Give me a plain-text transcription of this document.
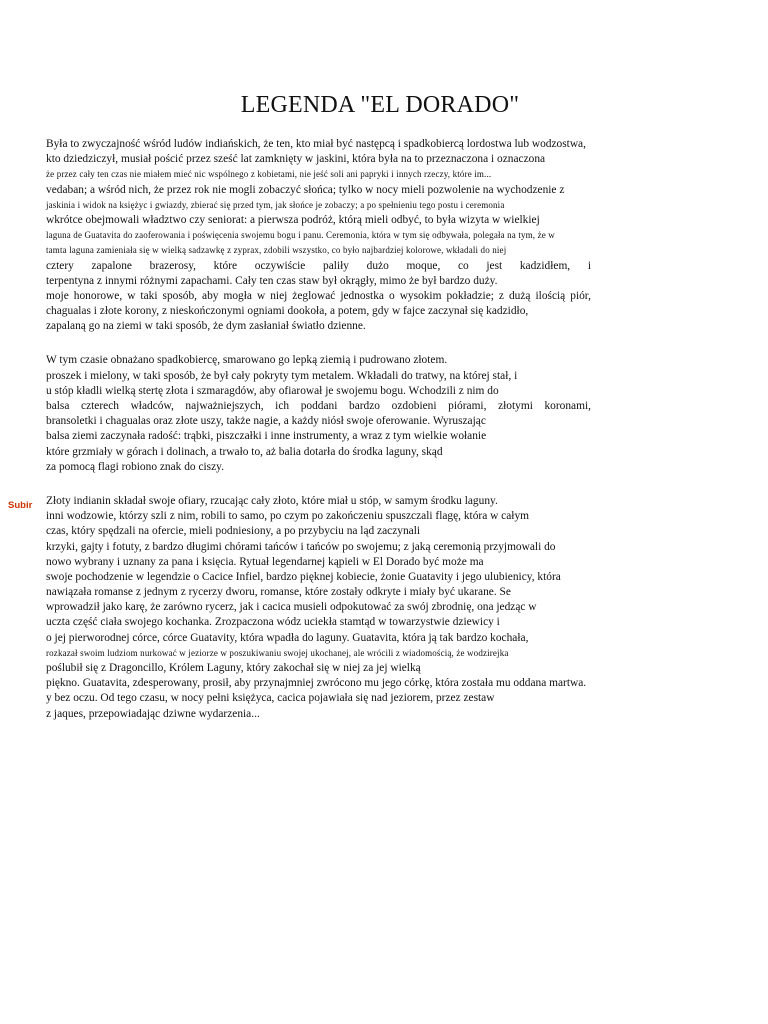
LEGENDA "EL DORADO"
Subir
Była to zwyczajność wśród ludów indiańskich, że ten, kto miał być następcą i spadkobiercą lordostwa lub wodzostwa,
kto dziedziczył, musiał pościć przez sześć lat zamknięty w jaskini, która była na to przeznaczona i oznaczona
że przez cały ten czas nie miałem mieć nic wspólnego z kobietami, nie jeść soli ani papryki i innych rzeczy, które im...
vedaban; a wśród nich, że przez rok nie mogli zobaczyć słońca; tylko w nocy mieli pozwolenie na wychodzenie z
jaskinia i widok na księżyc i gwiazdy, zbierać się przed tym, jak słońce je zobaczy; a po spełnieniu tego postu i ceremonia
wkrótce obejmowali władztwo czy seniorat: a pierwsza podróż, którą mieli odbyć, to była wizyta w wielkiej
laguna de Guatavita do zaoferowania i poświęcenia swojemu bogu i panu. Ceremonia, która w tym się odbywała, polegała na tym, że w
tamta laguna zamieniała się w wielką sadzawkę z zyprax, zdobili wszystko, co było najbardziej kolorowe, wkładali do niej
cztery zapalone brazerosy, które oczywiście paliły dużo moque, co jest kadzidłem, i
terpentyna z innymi różnymi zapachami. Cały ten czas staw był okrągły, mimo że był bardzo duży.
moje honorowe, w taki sposób, aby mogła w niej żeglować jednostka o wysokim pokładzie; z dużą ilością piór,
chagualas i złote korony, z nieskończonymi ogniami dookoła, a potem, gdy w fajce zaczynał się kadzidło,
zapalaną go na ziemi w taki sposób, że dym zasłaniał światło dzienne.
W tym czasie obnażano spadkobiercę, smarowano go lepką ziemią i pudrowano złotem.
proszek i mielony, w taki sposób, że był cały pokryty tym metalem. Wkładali do tratwy, na której stał, i
u stóp kładli wielką stertę złota i szmaragdów, aby ofiarował je swojemu bogu. Wchodzili z nim do
balsa czterech władców, najważniejszych, ich poddani bardzo ozdobieni piórami, złotymi koronami,
bransoletki i chagualas oraz złote uszy, także nagie, a każdy niósł swoje oferowanie. Wyruszając
balsa ziemi zaczynała radość: trąbki, piszczałki i inne instrumenty, a wraz z tym wielkie wołanie
które grzmiały w górach i dolinach, a trwało to, aż balia dotarła do środka laguny, skąd
za pomocą flagi robiono znak do ciszy.
Złoty indianin składał swoje ofiary, rzucając cały złoto, które miał u stóp, w samym środku laguny.
inni wodzowie, którzy szli z nim, robili to samo, po czym po zakończeniu spuszczali flagę, która w całym
czas, który spędzali na ofercie, mieli podniesiony, a po przybyciu na ląd zaczynali
krzyki, gajty i fotuty, z bardzo długimi chórami tańców i tańców po swojemu; z jaką ceremonią przyjmowali do
nowo wybrany i uznany za pana i księcia. Rytuał legendarnej kąpieli w El Dorado być może ma
swoje pochodzenie w legendzie o Cacice Infiel, bardzo pięknej kobiecie, żonie Guatavity i jego ulubienicy, która
nawiązała romanse z jednym z rycerzy dworu, romanse, które zostały odkryte i miały być ukarane. Se
wprowadził jako karę, że zarówno rycerz, jak i cacica musieli odpokutować za swój zbrodnię, ona jedząc w
uczta część ciała swojego kochanka. Zrozpaczona wódz uciekła stamtąd w towarzystwie dziewicy i
o jej pierworodnej córce, córce Guatavity, która wpadła do laguny. Guatavita, która ją tak bardzo kochała,
rozkazał swoim ludziom nurkować w jeziorze w poszukiwaniu swojej ukochanej, ale wrócili z wiadomością, że wodzirejka
poślubił się z Dragoncillo, Królem Laguny, który zakochał się w niej za jej wielką
piękno. Guatavita, zdesperowany, prosił, aby przynajmniej zwrócono mu jego córkę, która została mu oddana martwa.
y bez oczu. Od tego czasu, w nocy pełni księżyca, cacica pojawiała się nad jeziorem, przez zestaw
z jaques, przepowiadając dziwne wydarzenia...
